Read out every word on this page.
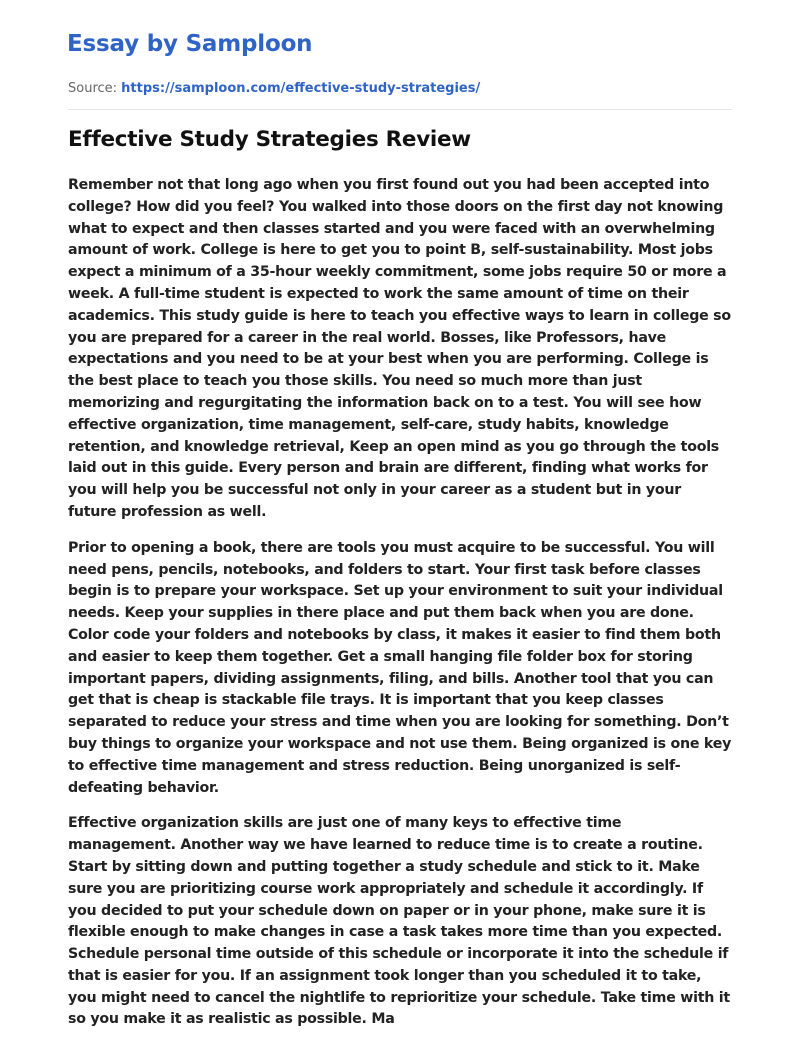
Essay by Samploon
Source: https://samploon.com/effective-study-strategies/
Effective Study Strategies Review

Remember not that long ago when you first found out you had been accepted into college? How did you feel? You walked into those doors on the first day not knowing what to expect and then classes started and you were faced with an overwhelming amount of work. College is here to get you to point B, self-sustainability. Most jobs expect a minimum of a 35-hour weekly commitment, some jobs require 50 or more a week. A full-time student is expected to work the same amount of time on their academics. This study guide is here to teach you effective ways to learn in college so you are prepared for a career in the real world. Bosses, like Professors, have expectations and you need to be at your best when you are performing. College is the best place to teach you those skills. You need so much more than just memorizing and regurgitating the information back on to a test. You will see how effective organization, time management, self-care, study habits, knowledge retention, and knowledge retrieval, Keep an open mind as you go through the tools laid out in this guide. Every person and brain are different, finding what works for you will help you be successful not only in your career as a student but in your future profession as well.

Prior to opening a book, there are tools you must acquire to be successful. You will need pens, pencils, notebooks, and folders to start. Your first task before classes begin is to prepare your workspace. Set up your environment to suit your individual needs. Keep your supplies in there place and put them back when you are done. Color code your folders and notebooks by class, it makes it easier to find them both and easier to keep them together. Get a small hanging file folder box for storing important papers, dividing assignments, filing, and bills. Another tool that you can get that is cheap is stackable file trays. It is important that you keep classes separated to reduce your stress and time when you are looking for something. Don’t buy things to organize your workspace and not use them. Being organized is one key to effective time management and stress reduction. Being unorganized is self-defeating behavior.

Effective organization skills are just one of many keys to effective time management. Another way we have learned to reduce time is to create a routine. Start by sitting down and putting together a study schedule and stick to it. Make sure you are prioritizing course work appropriately and schedule it accordingly. If you decided to put your schedule down on paper or in your phone, make sure it is flexible enough to make changes in case a task takes more time than you expected. Schedule personal time outside of this schedule or incorporate it into the schedule if that is easier for you. If an assignment took longer than you scheduled it to take, you might need to cancel the nightlife to reprioritize your schedule. Take time with it so you make it as realistic as possible. Ma
